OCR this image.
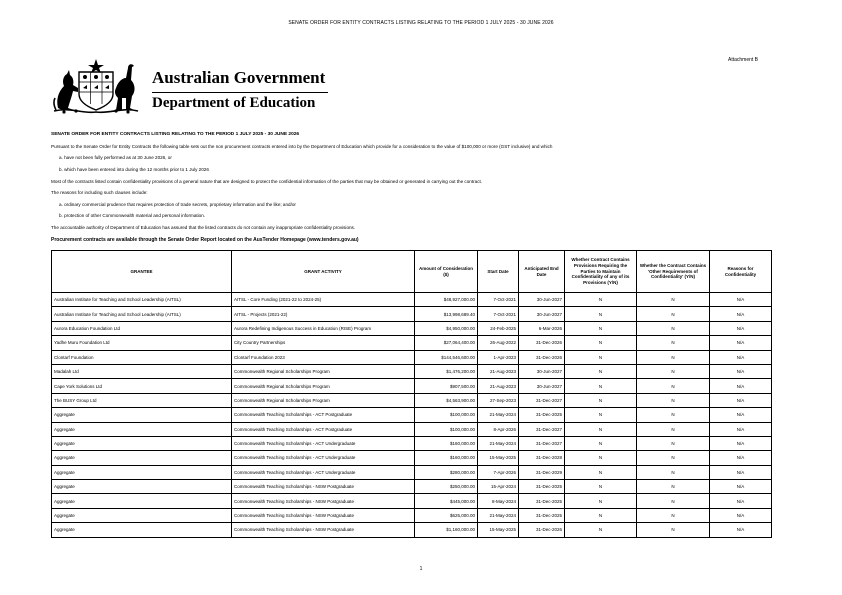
SENATE ORDER FOR ENTITY CONTRACTS LISTING RELATING TO THE PERIOD 1 JULY 2025 - 30 JUNE 2026
Attachment B
Australian Government
Department of Education

SENATE ORDER FOR ENTITY CONTRACTS LISTING RELATING TO THE PERIOD 1 JULY 2025 - 30 JUNE 2026

Pursuant to the Senate Order for Entity Contracts the following table sets out the non procurement contracts entered into by the Department of Education which provide for a consideration to the value of $100,000 or more (GST inclusive) and which

a. have not been fully performed as at 30 June 2026, or

b. which have been entered into during the 12 months prior to 1 July 2026

Most of the contracts listed contain confidentiality provisions of a general nature that are designed to protect the confidential information of the parties that may be obtained or generated in carrying out the contract.

The reasons for including such clauses include:

a. ordinary commercial prudence that requires protection of trade secrets, proprietary information and the like; and/or

b. protection of other Commonwealth material and personal information.

The accountable authority of Department of Education has assured that the listed contracts do not contain any inappropriate confidentiality provisions.

Procurement contracts are available through the Senate Order Report located on the AusTender Homepage (www.tenders.gov.au)

GRANTEE	GRANT ACTIVITY	Amount of Consideration ($)	Start Date	Anticipated End Date	Whether Contract Contains Provisions Requiring the Parties to Maintain Confidentiality of any of its Provisions (Y/N)	Whether the Contract Contains 'Other Requirements of Confidentiality' (Y/N)	Reasons for Confidentiality
Australian Institute for Teaching and School Leadership (AITSL)	AITSL - Core Funding (2021-22 to 2024-25)	$48,927,000.00	7-Oct-2021	30-Jun-2027	N	N	N/A
Australian Institute for Teaching and School Leadership (AITSL)	AITSL - Projects (2021-22)	$13,998,689.40	7-Oct-2021	30-Jun-2027	N	N	N/A
Aurora Education Foundation Ltd	Aurora Redefining Indigenous Success in Education (RISE) Program	$4,950,000.00	24-Feb-2025	6-Mar-2026	N	N	N/A
Yadhe Muru Foundation Ltd	City Country Partnerships	$27,064,400.00	26-Aug-2022	31-Dec-2026	N	N	N/A
Clontarf Foundation	Clontarf Foundation 2023	$144,546,600.00	1-Apr-2023	31-Dec-2026	N	N	N/A
Madalah Ltd	Commonwealth Regional Scholarships Program	$1,476,200.00	21-Aug-2023	30-Jun-2027	N	N	N/A
Cape York Solutions Ltd	Commonwealth Regional Scholarships Program	$907,500.00	21-Aug-2023	30-Jun-2027	N	N	N/A
The BUSY Group Ltd	Commonwealth Regional Scholarships Program	$4,563,900.00	27-Sep-2023	31-Dec-2027	N	N	N/A
Aggregate	Commonwealth Teaching Scholarships - ACT Postgraduate	$100,000.00	21-May-2024	31-Dec-2025	N	N	N/A
Aggregate	Commonwealth Teaching Scholarships - ACT Postgraduate	$100,000.00	8-Apr-2026	31-Dec-2027	N	N	N/A
Aggregate	Commonwealth Teaching Scholarships - ACT Undergraduate	$160,000.00	21-May-2024	31-Dec-2027	N	N	N/A
Aggregate	Commonwealth Teaching Scholarships - ACT Undergraduate	$160,000.00	15-May-2025	31-Dec-2028	N	N	N/A
Aggregate	Commonwealth Teaching Scholarships - ACT Undergraduate	$280,000.00	7-Apr-2026	31-Dec-2029	N	N	N/A
Aggregate	Commonwealth Teaching Scholarships - NSW Postgraduate	$250,000.00	15-Apr-2024	31-Dec-2025	N	N	N/A
Aggregate	Commonwealth Teaching Scholarships - NSW Postgraduate	$445,000.00	8-May-2024	31-Dec-2025	N	N	N/A
Aggregate	Commonwealth Teaching Scholarships - NSW Postgraduate	$625,000.00	21-May-2024	31-Dec-2025	N	N	N/A
Aggregate	Commonwealth Teaching Scholarships - NSW Postgraduate	$1,160,000.00	15-May-2025	31-Dec-2026	N	N	N/A
1
